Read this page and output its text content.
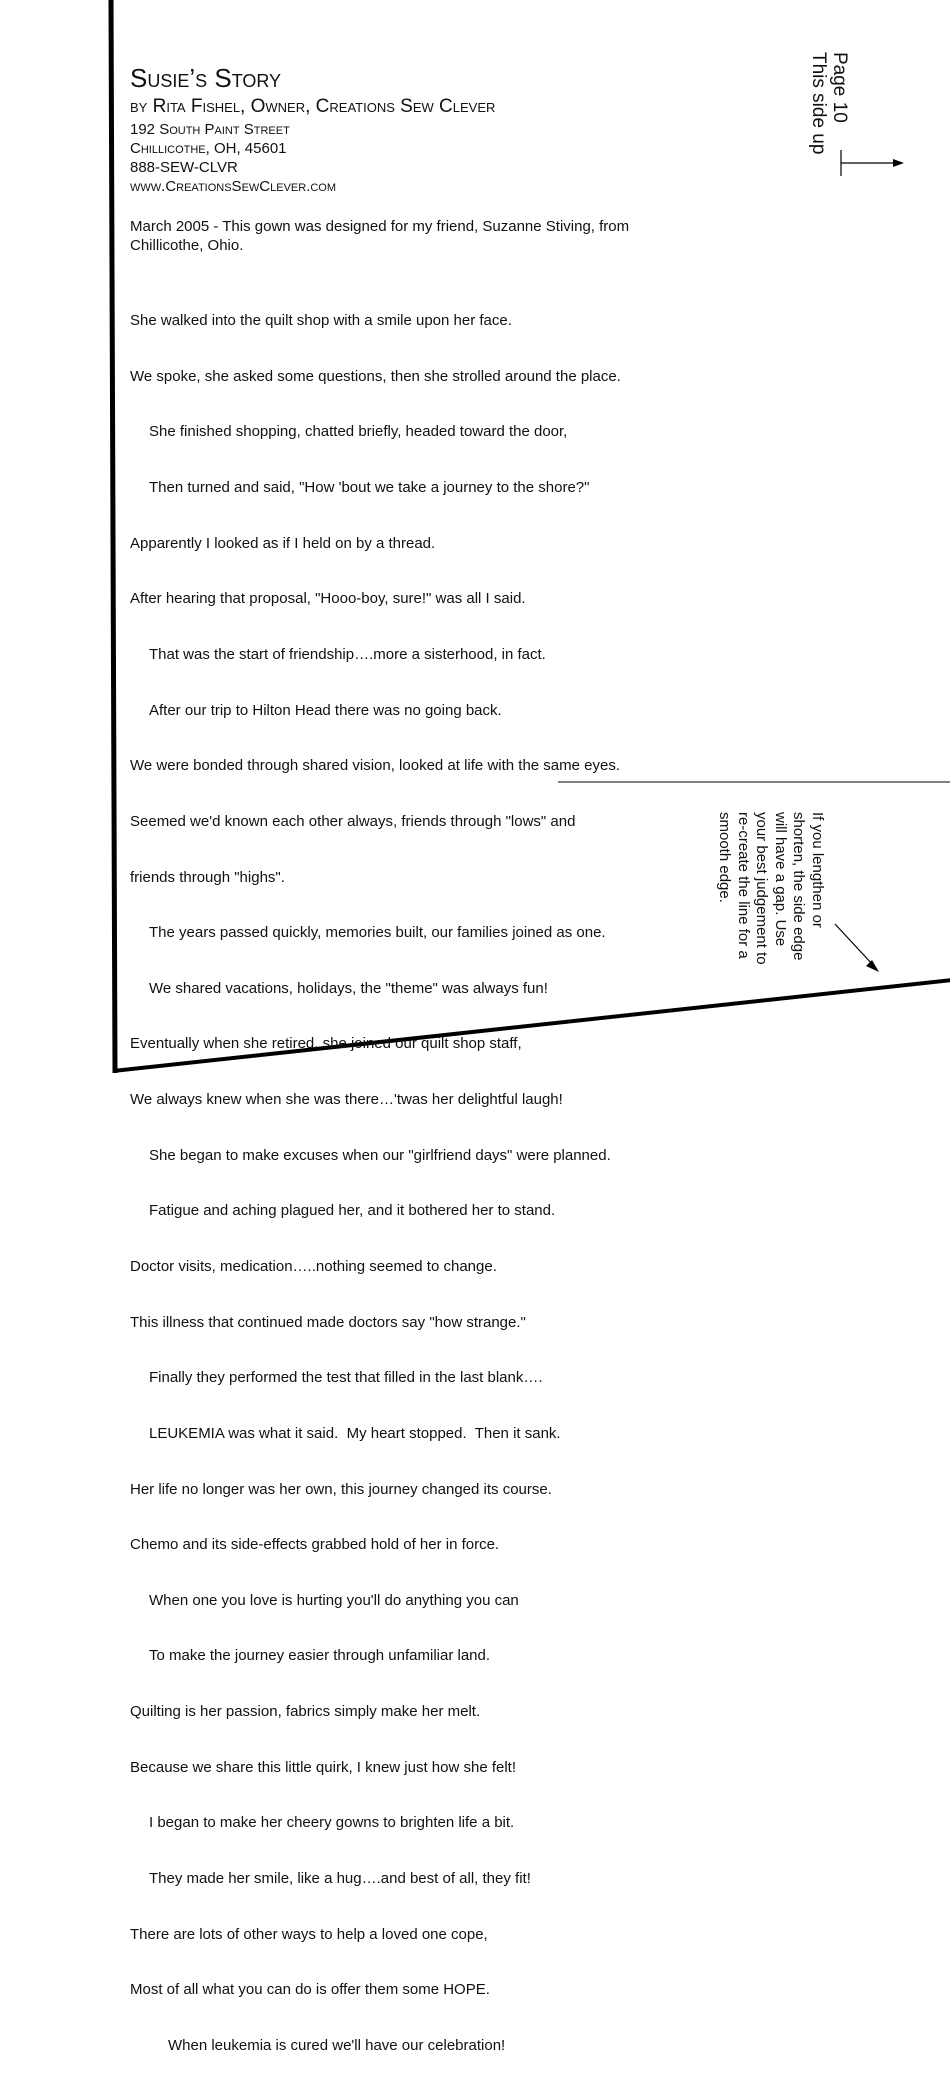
Susie’s Story
by Rita Fishel, Owner, Creations Sew Clever
192 South Paint Street
Chillicothe, OH, 45601
888-SEW-CLVR
www.CreationsSewClever.com
March 2005 - This gown was designed for my friend, Suzanne Stiving, from Chillicothe, Ohio.

She walked into the quilt shop with a smile upon her face.

We spoke, she asked some questions, then she strolled around the place.

She finished shopping, chatted briefly, headed toward the door,

Then turned and said, "How 'bout we take a journey to the shore?"

Apparently I looked as if I held on by a thread.

After hearing that proposal, "Hooo-boy, sure!" was all I said.

That was the start of friendship….more a sisterhood, in fact.

After our trip to Hilton Head there was no going back.

We were bonded through shared vision, looked at life with the same eyes.

Seemed we'd known each other always, friends through "lows" and

friends through "highs".

The years passed quickly, memories built, our families joined as one.

We shared vacations, holidays, the "theme" was always fun!

Eventually when she retired, she joined our quilt shop staff,

We always knew when she was there…'twas her delightful laugh!

She began to make excuses when our "girlfriend days" were planned.

Fatigue and aching plagued her, and it bothered her to stand.

Doctor visits, medication…..nothing seemed to change.

This illness that continued made doctors say "how strange."

Finally they performed the test that filled in the last blank….

LEUKEMIA was what it said.  My heart stopped.  Then it sank.

Her life no longer was her own, this journey changed its course.

Chemo and its side-effects grabbed hold of her in force.

When one you love is hurting you'll do anything you can

To make the journey easier through unfamiliar land.

Quilting is her passion, fabrics simply make her melt.

Because we share this little quirk, I knew just how she felt!

I began to make her cheery gowns to brighten life a bit.

They made her smile, like a hug….and best of all, they fit!

There are lots of other ways to help a loved one cope,

Most of all what you can do is offer them some HOPE.

When leukemia is cured we'll have our celebration!

Page 10
This side up
If you lengthen or
shorten, the side edge
will have a gap. Use
your best judgement to
re-create the line for a
smooth edge.
